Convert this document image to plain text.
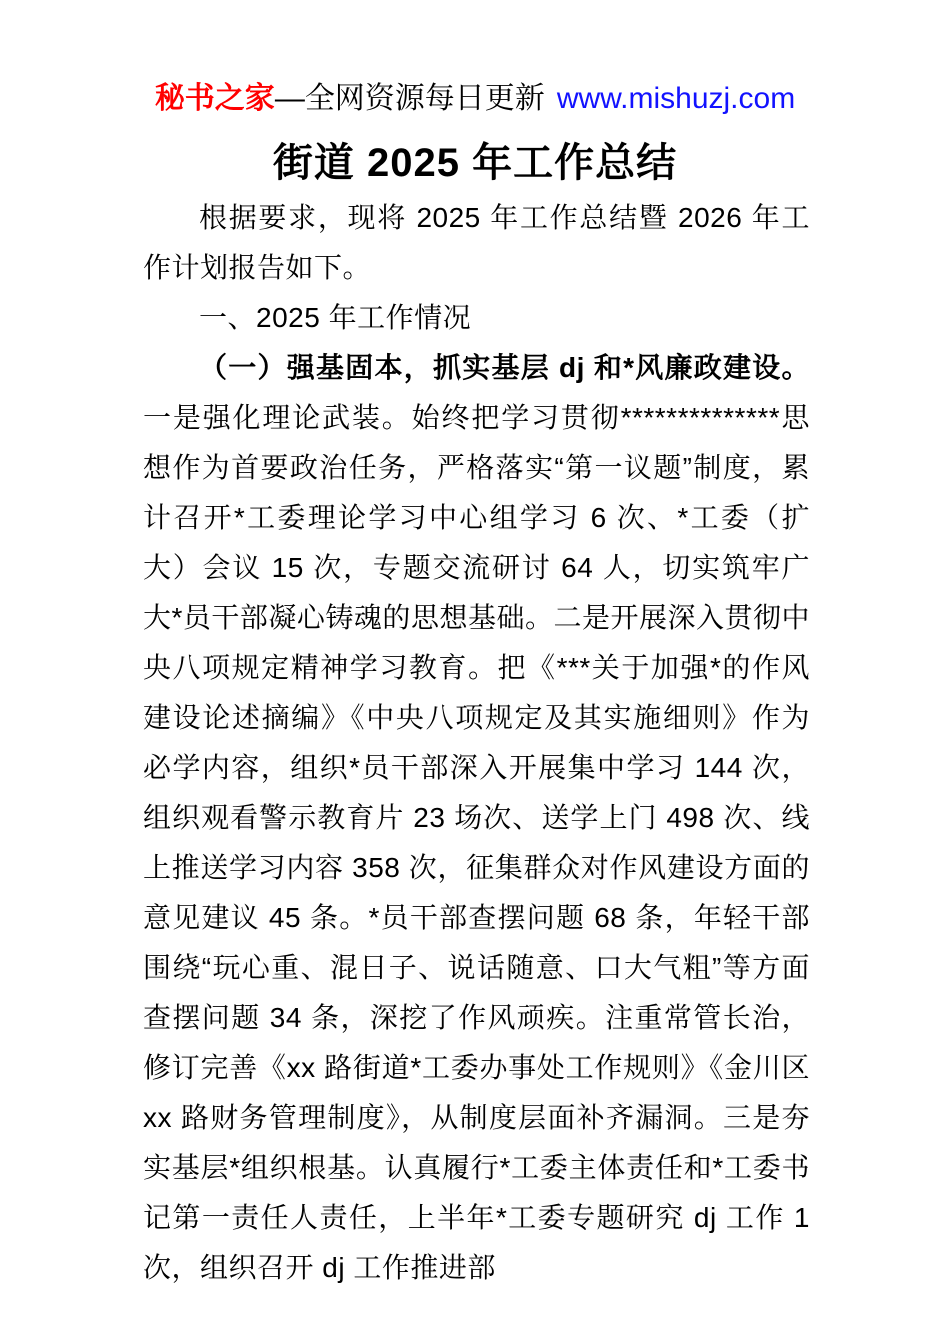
秘书之家—全网资源每日更新 www.mishuzj.com
街道 2025 年工作总结

根据要求，现将 2025 年工作总结暨 2026 年工作计划报告如下。

一、2025 年工作情况

（一）强基固本，抓实基层 dj 和*风廉政建设。一是强化理论武装。始终把学习贯彻**************思想作为首要政治任务，严格落实“第一议题”制度，累计召开*工委理论学习中心组学习 6 次、*工委（扩大）会议 15 次，专题交流研讨 64 人，切实筑牢广大*员干部凝心铸魂的思想基础。二是开展深入贯彻中央八项规定精神学习教育。把《***关于加强*的作风建设论述摘编》《中央八项规定及其实施细则》作为必学内容，组织*员干部深入开展集中学习 144 次，组织观看警示教育片 23 场次、送学上门 498 次、线上推送学习内容 358 次，征集群众对作风建设方面的意见建议 45 条。*员干部查摆问题 68 条，年轻干部围绕“玩心重、混日子、说话随意、口大气粗”等方面查摆问题 34 条，深挖了作风顽疾。注重常管长治，修订完善《xx 路街道*工委办事处工作规则》《金川区 xx 路财务管理制度》，从制度层面补齐漏洞。三是夯实基层*组织根基。认真履行*工委主体责任和*工委书记第一责任人责任，上半年*工委专题研究 dj 工作 1 次，组织召开 dj 工作推进部
